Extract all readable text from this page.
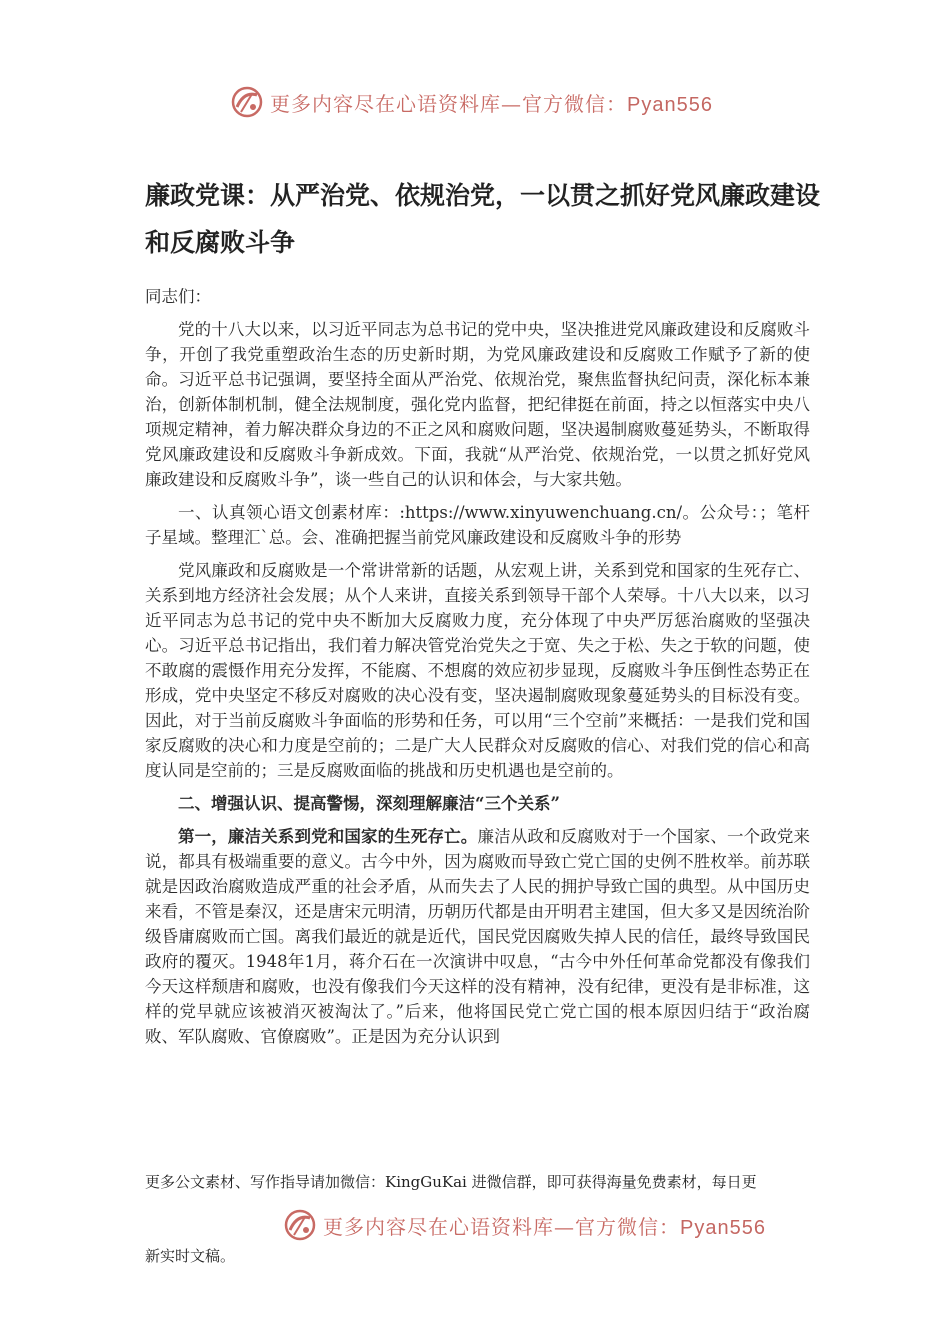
更多内容尽在心语资料库—官方微信：Pyan556
廉政党课：从严治党、依规治党，一以贯之抓好党风廉政建设和反腐败斗争

同志们：

党的十八大以来，以习近平同志为总书记的党中央，坚决推进党风廉政建设和反腐败斗争，开创了我党重塑政治生态的历史新时期，为党风廉政建设和反腐败工作赋予了新的使命。习近平总书记强调，要坚持全面从严治党、依规治党，聚焦监督执纪问责，深化标本兼治，创新体制机制，健全法规制度，强化党内监督，把纪律挺在前面，持之以恒落实中央八项规定精神，着力解决群众身边的不正之风和腐败问题，坚决遏制腐败蔓延势头，不断取得党风廉政建设和反腐败斗争新成效。下面，我就“从严治党、依规治党，一以贯之抓好党风廉政建设和反腐败斗争”，谈一些自己的认识和体会，与大家共勉。

一、认真领心语文创素材库：:https://www.xinyuwenchuang.cn/。公众号：；笔杆子星域。整理汇`总。会、准确把握当前党风廉政建设和反腐败斗争的形势

党风廉政和反腐败是一个常讲常新的话题，从宏观上讲，关系到党和国家的生死存亡、关系到地方经济社会发展；从个人来讲，直接关系到领导干部个人荣辱。十八大以来，以习近平同志为总书记的党中央不断加大反腐败力度，充分体现了中央严厉惩治腐败的坚强决心。习近平总书记指出，我们着力解决管党治党失之于宽、失之于松、失之于软的问题，使不敢腐的震慑作用充分发挥，不能腐、不想腐的效应初步显现，反腐败斗争压倒性态势正在形成，党中央坚定不移反对腐败的决心没有变，坚决遏制腐败现象蔓延势头的目标没有变。因此，对于当前反腐败斗争面临的形势和任务，可以用“三个空前”来概括：一是我们党和国家反腐败的决心和力度是空前的；二是广大人民群众对反腐败的信心、对我们党的信心和高度认同是空前的；三是反腐败面临的挑战和历史机遇也是空前的。

二、增强认识、提高警惕，深刻理解廉洁“三个关系”

第一，廉洁关系到党和国家的生死存亡。廉洁从政和反腐败对于一个国家、一个政党来说，都具有极端重要的意义。古今中外，因为腐败而导致亡党亡国的史例不胜枚举。前苏联就是因政治腐败造成严重的社会矛盾，从而失去了人民的拥护导致亡国的典型。从中国历史来看，不管是秦汉，还是唐宋元明清，历朝历代都是由开明君主建国，但大多又是因统治阶级昏庸腐败而亡国。离我们最近的就是近代，国民党因腐败失掉人民的信任，最终导致国民政府的覆灭。1948年1月，蒋介石在一次演讲中叹息，“古今中外任何革命党都没有像我们今天这样颓唐和腐败，也没有像我们今天这样的没有精神，没有纪律，更没有是非标准，这样的党早就应该被消灭被淘汰了。”后来，他将国民党亡党亡国的根本原因归结于“政治腐败、军队腐败、官僚腐败”。正是因为充分认识到

更多公文素材、写作指导请加微信：KingGuKai 进微信群，即可获得海量免费素材，每日更

更多内容尽在心语资料库—官方微信：Pyan556

新实时文稿。
